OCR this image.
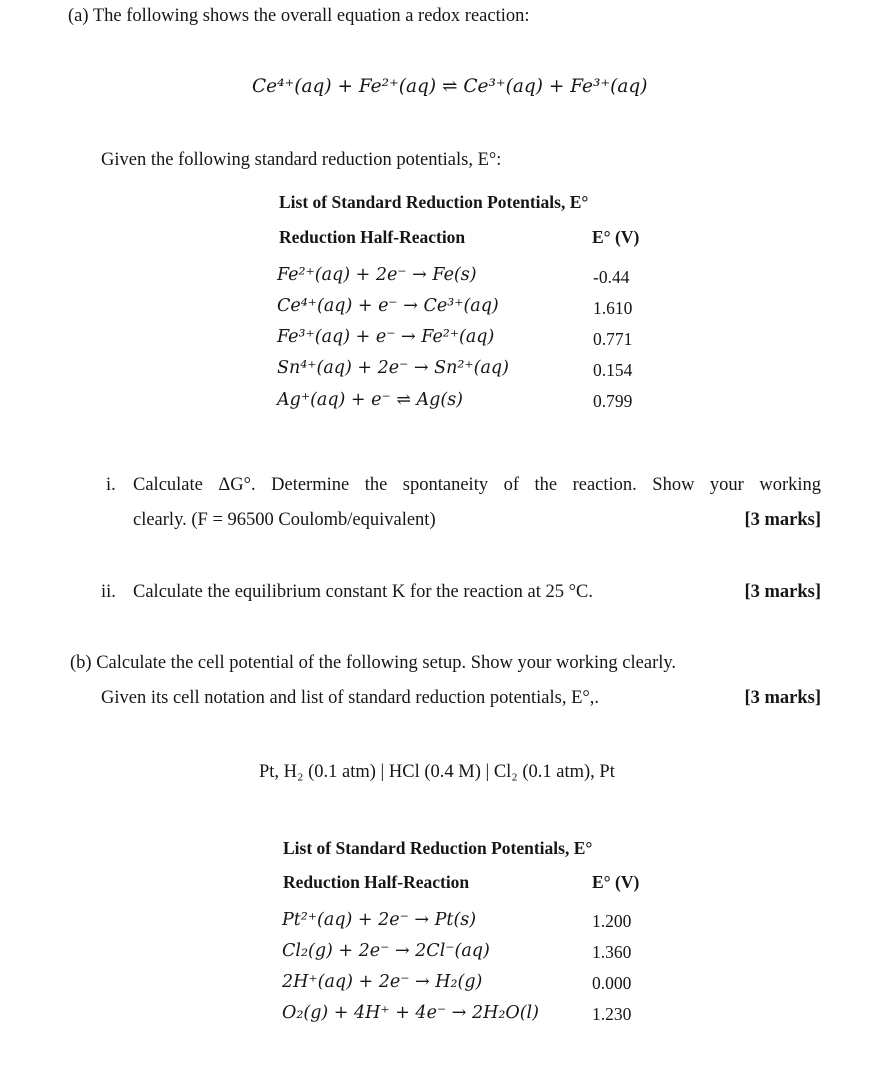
(a) The following shows the overall equation a redox reaction:
Ce⁴⁺(aq) + Fe²⁺(aq) ⇌ Ce³⁺(aq) + Fe³⁺(aq)
Given the following standard reduction potentials, E°:
List of Standard Reduction Potentials, E°
Reduction Half-Reaction	E° (V)
Fe²⁺(aq) + 2e⁻ → Fe(s)	-0.44
Ce⁴⁺(aq) + e⁻ → Ce³⁺(aq)	1.610
Fe³⁺(aq) + e⁻ → Fe²⁺(aq)	0.771
Sn⁴⁺(aq) + 2e⁻ → Sn²⁺(aq)	0.154
Ag⁺(aq) + e⁻ ⇌ Ag(s)	0.799
i. Calculate ΔG°. Determine the spontaneity of the reaction. Show your working
clearly. (F = 96500 Coulomb/equivalent)	[3 marks]
ii. Calculate the equilibrium constant K for the reaction at 25 °C.	[3 marks]
(b) Calculate the cell potential of the following setup. Show your working clearly.
Given its cell notation and list of standard reduction potentials, E°,.	[3 marks]
Pt, H₂ (0.1 atm) | HCl (0.4 M) | Cl₂ (0.1 atm), Pt
List of Standard Reduction Potentials, E°
Reduction Half-Reaction	E° (V)
Pt²⁺(aq) + 2e⁻ → Pt(s)	1.200
Cl₂(g) + 2e⁻ → 2Cl⁻(aq)	1.360
2H⁺(aq) + 2e⁻ → H₂(g)	0.000
O₂(g) + 4H⁺ + 4e⁻ → 2H₂O(l)	1.230
